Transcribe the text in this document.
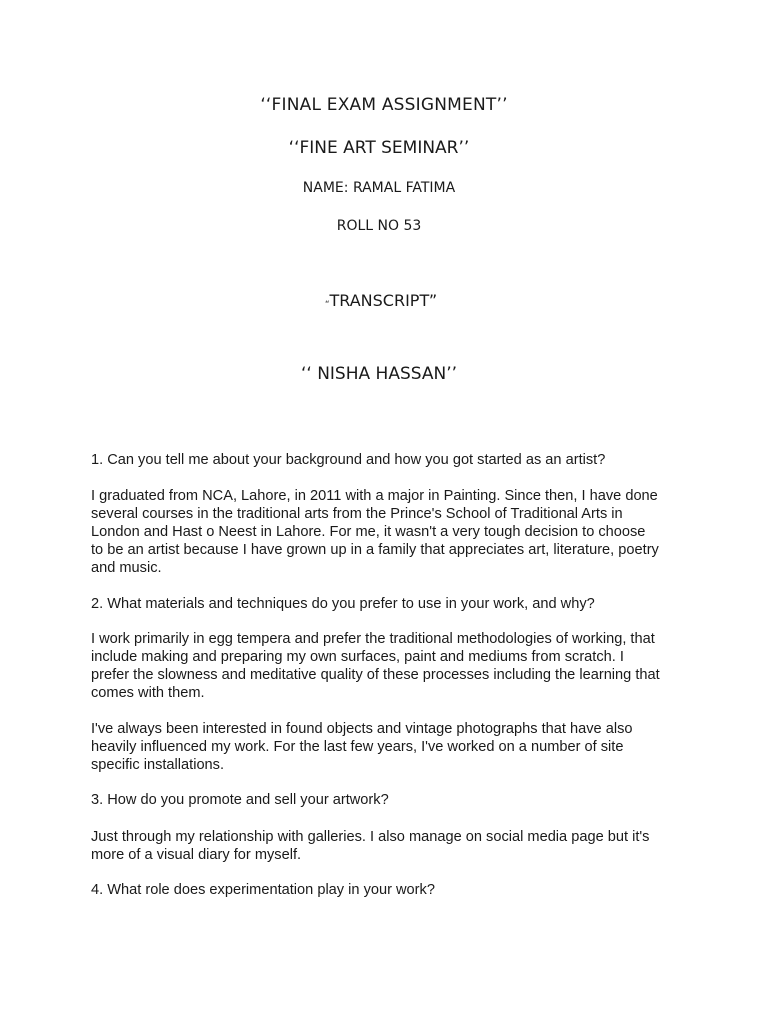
‘‘FINAL EXAM ASSIGNMENT’’
‘‘FINE ART SEMINAR’’
NAME: RAMAL FATIMA
ROLL NO 53
“TRANSCRIPT”
‘‘ NISHA HASSAN’’

1. Can you tell me about your background and how you got started as an artist?

I graduated from NCA, Lahore, in 2011 with a major in Painting. Since then, I have done
several courses in the traditional arts from the Prince's School of Traditional Arts in
London and Hast o Neest in Lahore. For me, it wasn't a very tough decision to choose
to be an artist because I have grown up in a family that appreciates art, literature, poetry
and music.

2. What materials and techniques do you prefer to use in your work, and why?

I work primarily in egg tempera and prefer the traditional methodologies of working, that
include making and preparing my own surfaces, paint and mediums from scratch. I
prefer the slowness and meditative quality of these processes including the learning that
comes with them.

I've always been interested in found objects and vintage photographs that have also
heavily influenced my work. For the last few years, I've worked on a number of site
specific installations.

3. How do you promote and sell your artwork?

Just through my relationship with galleries. I also manage on social media page but it's
more of a visual diary for myself.

4. What role does experimentation play in your work?
